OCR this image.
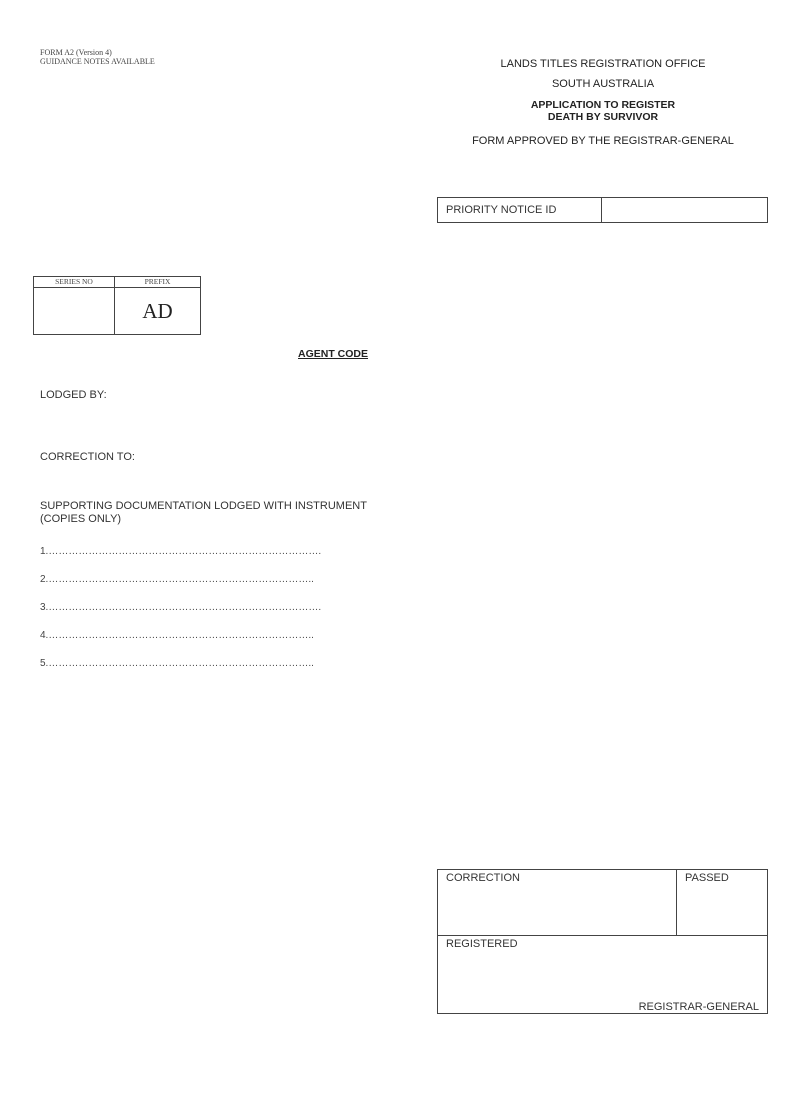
FORM A2 (Version 4)
GUIDANCE NOTES AVAILABLE	LANDS TITLES REGISTRATION OFFICE
SOUTH AUSTRALIA
APPLICATION TO REGISTER
DEATH BY SURVIVOR
FORM APPROVED BY THE REGISTRAR-GENERAL
PRIORITY NOTICE ID	
SERIES NO	PREFIX
	AD
AGENT CODE
LODGED BY:
CORRECTION TO:
SUPPORTING DOCUMENTATION LODGED WITH INSTRUMENT
(COPIES ONLY)
1.……………………………………………………………………….
2.……………………………………………………………………..
3.……………………………………………………………………….
4.……………………………………………………………………..
5.……………………………………………………………………..
CORRECTION	PASSED
REGISTERED
REGISTRAR-GENERAL
